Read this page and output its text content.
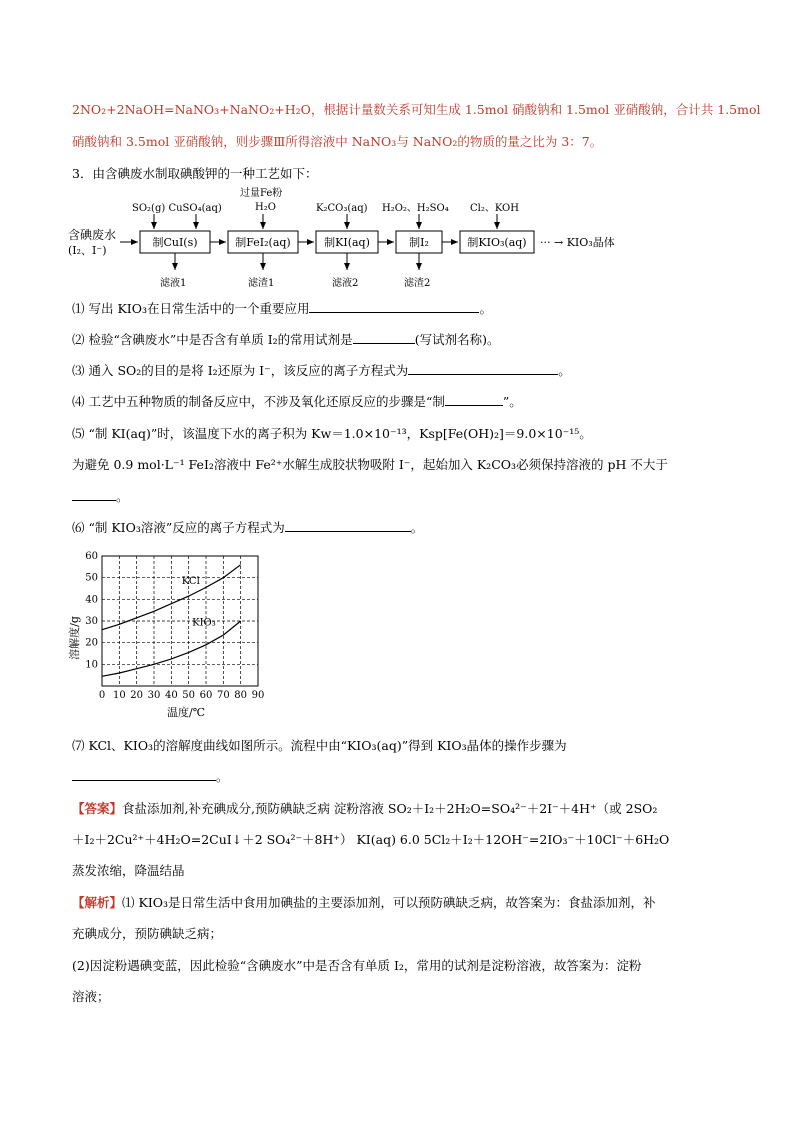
2NO₂+2NaOH=NaNO₃+NaNO₂+H₂O，根据计量数关系可知生成 1.5mol 硝酸钠和 1.5mol 亚硝酸钠，合计共 1.5mol
硝酸钠和 3.5mol 亚硝酸钠，则步骤Ⅲ所得溶液中 NaNO₃与 NaNO₂的物质的量之比为 3：7。
3．由含碘废水制取碘酸钾的一种工艺如下：
含碘废水
(I₂、I⁻)
制CuI(s)	制FeI₂(aq)	制KI(aq)	制I₂	制KIO₃(aq) ··· → KIO₃晶体
SO₂(g) CuSO₄(aq)
过量Fe粉
H₂O	K₂CO₃(aq) H₂O₂、H₂SO₄ Cl₂、KOH
滤液1	滤渣1	滤液2	滤渣2
⑴ 写出 KIO₃在日常生活中的一个重要应用	。
⑵ 检验“含碘废水”中是否含有单质 I₂的常用试剂是	(写试剂名称)。
⑶ 通入 SO₂的目的是将 I₂还原为 I⁻，该反应的离子方程式为	。
⑷ 工艺中五种物质的制备反应中，不涉及氧化还原反应的步骤是“制	”。
⑸ “制 KI(aq)”时，该温度下水的离子积为 Kw＝1.0×10⁻¹³，Ksp[Fe(OH)₂]＝9.0×10⁻¹⁵。
为避免 0.9 mol·L⁻¹ FeI₂溶液中 Fe²⁺水解生成胶状物吸附 I⁻，起始加入 K₂CO₃必须保持溶液的 pH 不大于
。
⑹ “制 KIO₃溶液”反应的离子方程式为	。
0 10 20 30 40 50 60 70 80 90
10
20
30
40
50
60
KCl
KIO₃
溶解度/g
温度/℃
⑺ KCl、KIO₃的溶解度曲线如图所示。流程中由“KIO₃(aq)”得到 KIO₃晶体的操作步骤为
。
【答案】食盐添加剂,补充碘成分,预防碘缺乏病 淀粉溶液 SO₂＋I₂＋2H₂O=SO₄²⁻＋2I⁻＋4H⁺（或 2SO₂
＋I₂＋2Cu²⁺＋4H₂O=2CuI↓＋2 SO₄²⁻＋8H⁺） KI(aq) 6.0 5Cl₂＋I₂＋12OH⁻=2IO₃⁻＋10Cl⁻＋6H₂O
蒸发浓缩，降温结晶
【解析】⑴ KIO₃是日常生活中食用加碘盐的主要添加剂，可以预防碘缺乏病，故答案为：食盐添加剂，补
充碘成分，预防碘缺乏病；
(2)因淀粉遇碘变蓝，因此检验“含碘废水”中是否含有单质 I₂，常用的试剂是淀粉溶液，故答案为：淀粉
溶液；
